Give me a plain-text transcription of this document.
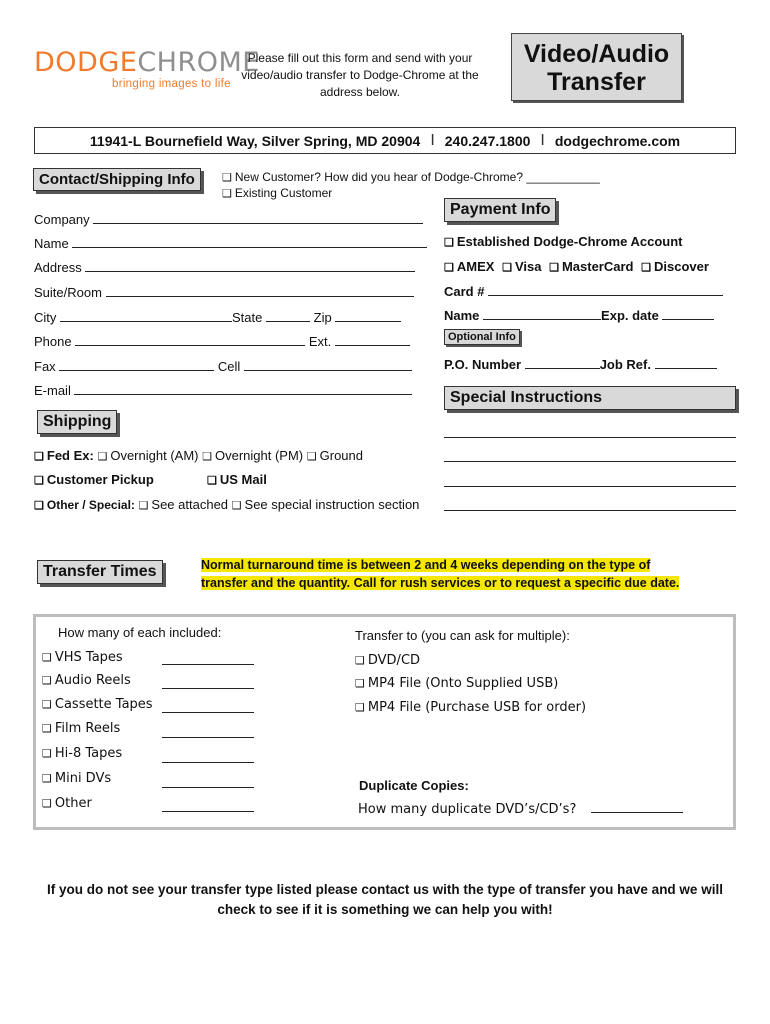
DODGECHROME
bringing images to life
Please fill out this form and send with your video/audio transfer to Dodge-Chrome at the address below.
Video/Audio Transfer
11941-L Bournefield Way, Silver Spring, MD 20904 I 240.247.1800 I dodgechrome.com
Contact/Shipping Info	❑ New Customer? How did you hear of Dodge-Chrome? ___________
❑ Existing Customer
Company
Name
Address
Suite/Room
City	State	Zip
Phone	Ext.
Fax	Cell
E-mail
Payment Info
❑ Established Dodge-Chrome Account
❑ AMEX ❑ Visa ❑ MasterCard ❑ Discover
Card #
Name	Exp. date
Optional Info
P.O. Number	Job Ref.
Special Instructions
Shipping
❑ Fed Ex: ❑ Overnight (AM) ❑ Overnight (PM) ❑ Ground
❑ Customer Pickup	❑ US Mail
❑ Other / Special: ❑ See attached ❑ See special instruction section
Transfer Times	Normal turnaround time is between 2 and 4 weeks depending on the type of
transfer and the quantity. Call for rush services or to request a specific due date.
How many of each included:
❑ VHS Tapes
❑ Audio Reels
❑ Cassette Tapes
❑ Film Reels
❑ Hi-8 Tapes
❑ Mini DVs
❑ Other
Transfer to (you can ask for multiple):
❑ DVD/CD
❑ MP4 File (Onto Supplied USB)
❑ MP4 File (Purchase USB for order)
Duplicate Copies:
How many duplicate DVD’s/CD’s?
If you do not see your transfer type listed please contact us with the type of transfer you have and we will check to see if it is something we can help you with!
